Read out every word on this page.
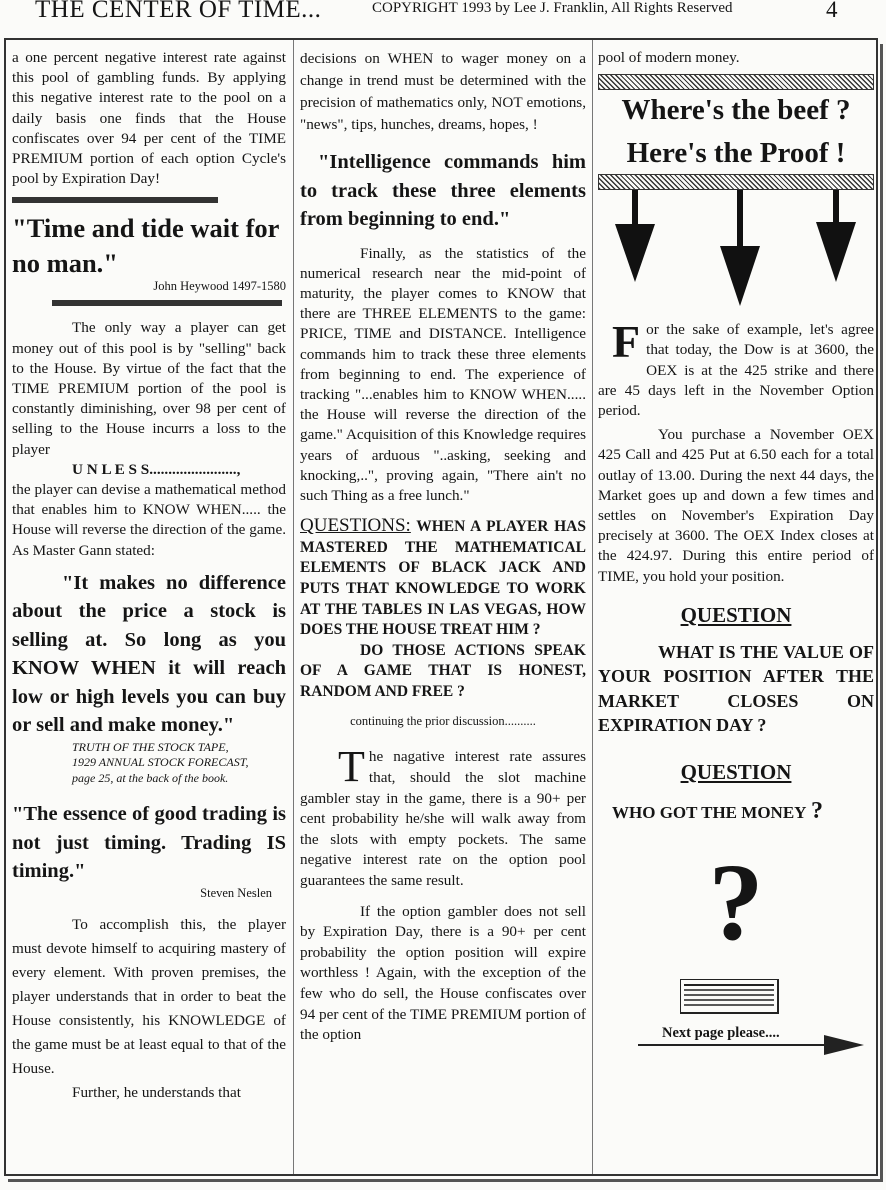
THE CENTER OF TIME...	COPYRIGHT 1993 by Lee J. Franklin, All Rights Reserved	4

a one percent negative interest rate against this pool of gambling funds. By applying this negative interest rate to the pool on a daily basis one finds that the House confiscates over 94 per cent of the TIME PREMIUM portion of each option Cycle's pool by Expiration Day!

"Time and tide wait for no man."

John Heywood 1497-1580

The only way a player can get money out of this pool is by "selling" back to the House. By virtue of the fact that the TIME PREMIUM portion of the pool is constantly diminishing, over 98 per cent of selling to the House incurrs a loss to the player

U N L E S S.......................,

the player can devise a mathematical method that enables him to KNOW WHEN..... the House will reverse the direction of the game. As Master Gann stated:

"It makes no difference about the price a stock is selling at. So long as you KNOW WHEN it will reach low or high levels you can buy or sell and make money."

TRUTH OF THE STOCK TAPE,

1929 ANNUAL STOCK FORECAST,

page 25, at the back of the book.

"The essence of good trading is not just timing. Trading IS timing."

Steven Neslen

To accomplish this, the player must devote himself to acquiring mastery of every element. With proven premises, the player understands that in order to beat the House consistently, his KNOWLEDGE of the game must be at least equal to that of the House.

Further, he understands that

decisions on WHEN to wager money on a change in trend must be determined with the precision of mathematics only, NOT emotions, "news", tips, hunches, dreams, hopes, !

"Intelligence commands him to track these three elements from beginning to end."

Finally, as the statistics of the numerical research near the mid-point of maturity, the player comes to KNOW that there are THREE ELEMENTS to the game: PRICE, TIME and DISTANCE. Intelligence commands him to track these three elements from beginning to end. The experience of tracking "...enables him to KNOW WHEN..... the House will reverse the direction of the game." Acquisition of this Knowledge requires years of arduous "..asking, seeking and knocking,..", proving again, "There ain't no such Thing as a free lunch."

QUESTIONS: WHEN A PLAYER HAS MASTERED THE MATHEMATICAL ELEMENTS OF BLACK JACK AND PUTS THAT KNOWLEDGE TO WORK AT THE TABLES IN LAS VEGAS, HOW DOES THE HOUSE TREAT HIM ?

DO THOSE ACTIONS SPEAK OF A GAME THAT IS HONEST, RANDOM AND FREE ?

continuing the prior discussion..........

T he nagative interest rate assures that, should the slot machine gambler stay in the game, there is a 90+ per cent probability he/she will walk away from the slots with empty pockets. The same negative interest rate on the option pool guarantees the same result.

If the option gambler does not sell by Expiration Day, there is a 90+ per cent probability the option position will expire worthless ! Again, with the exception of the few who do sell, the House confiscates over 94 per cent of the TIME PREMIUM portion of the option

pool of modern money.

Where's the beef ?

Here's the Proof !

F or the sake of example, let's agree that today, the Dow is at 3600, the OEX is at the 425 strike and there are 45 days left in the November Option period.

You purchase a November OEX 425 Call and 425 Put at 6.50 each for a total outlay of 13.00. During the next 44 days, the Market goes up and down a few times and settles on November's Expiration Day precisely at 3600. The OEX Index closes at the 424.97. During this entire period of TIME, you hold your position.

QUESTION

WHAT IS THE VALUE OF YOUR POSITION AFTER THE MARKET CLOSES ON EXPIRATION DAY ?

QUESTION

WHO GOT THE MONEY ?

?

Next page please....
